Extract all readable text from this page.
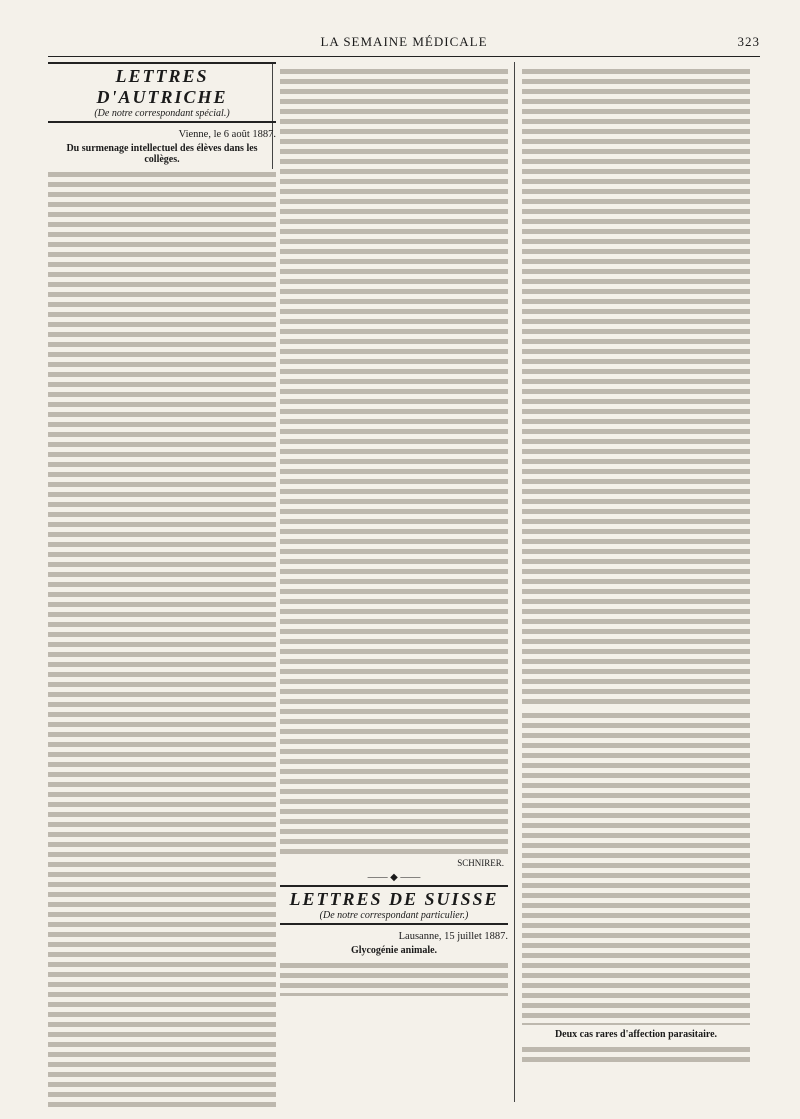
LA SEMAINE MÉDICALE	323
LETTRES D'AUTRICHE
(De notre correspondant spécial.)
Vienne, le 6 août 1887.
Du surmenage intellectuel des élèves dans les collèges.
SCHNIRER.
—— ◆ ——
LETTRES DE SUISSE
(De notre correspondant particulier.)
Lausanne, 15 juillet 1887.
Glycogénie animale.
Deux cas rares d'affection parasitaire.
